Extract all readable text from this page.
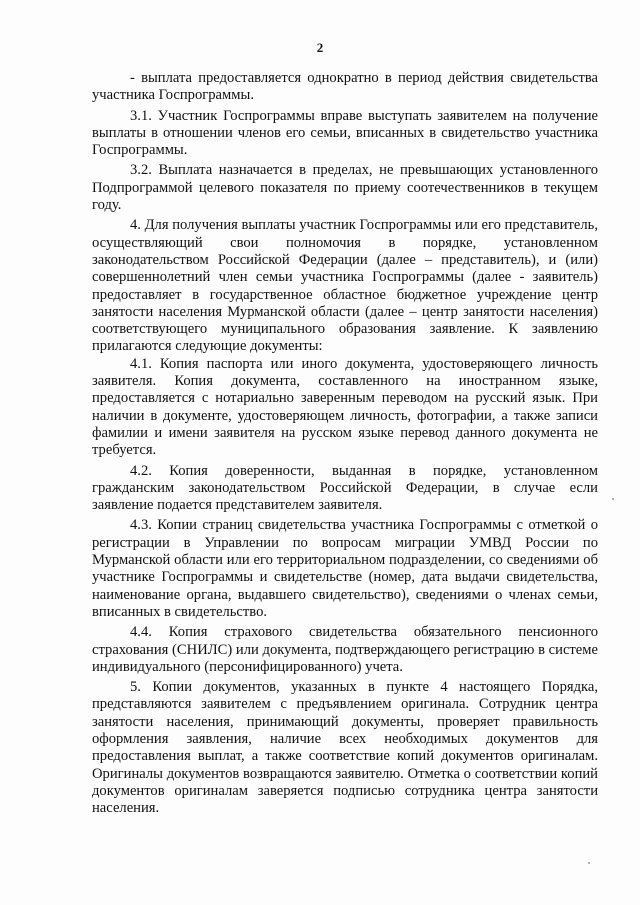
2

- выплата предоставляется однократно в период действия свидетельства участника Госпрограммы.

3.1. Участник Госпрограммы вправе выступать заявителем на получение выплаты в отношении членов его семьи, вписанных в свидетельство участника Госпрограммы.

3.2. Выплата назначается в пределах, не превышающих установленного Подпрограммой целевого показателя по приему соотечественников в текущем году.

4. Для получения выплаты участник Госпрограммы или его представитель, осуществляющий свои полномочия в порядке, установленном законодательством Российской Федерации (далее – представитель), и (или) совершеннолетний член семьи участника Госпрограммы (далее - заявитель) предоставляет в государственное областное бюджетное учреждение центр занятости населения Мурманской области (далее – центр занятости населения) соответствующего муниципального образования заявление. К заявлению прилагаются следующие документы:

4.1. Копия паспорта или иного документа, удостоверяющего личность заявителя. Копия документа, составленного на иностранном языке, предоставляется с нотариально заверенным переводом на русский язык. При наличии в документе, удостоверяющем личность, фотографии, а также записи фамилии и имени заявителя на русском языке перевод данного документа не требуется.

4.2. Копия доверенности, выданная в порядке, установленном гражданским законодательством Российской Федерации, в случае если заявление подается представителем заявителя.

4.3. Копии страниц свидетельства участника Госпрограммы с отметкой о регистрации в Управлении по вопросам миграции УМВД России по Мурманской области или его территориальном подразделении, со сведениями об участнике Госпрограммы и свидетельстве (номер, дата выдачи свидетельства, наименование органа, выдавшего свидетельство), сведениями о членах семьи, вписанных в свидетельство.

4.4. Копия страхового свидетельства обязательного пенсионного страхования (СНИЛС) или документа, подтверждающего регистрацию в системе индивидуального (персонифицированного) учета.

5. Копии документов, указанных в пункте 4 настоящего Порядка, представляются заявителем с предъявлением оригинала. Сотрудник центра занятости населения, принимающий документы, проверяет правильность оформления заявления, наличие всех необходимых документов для предоставления выплат, а также соответствие копий документов оригиналам. Оригиналы документов возвращаются заявителю. Отметка о соответствии копий документов оригиналам заверяется подписью сотрудника центра занятости населения.
